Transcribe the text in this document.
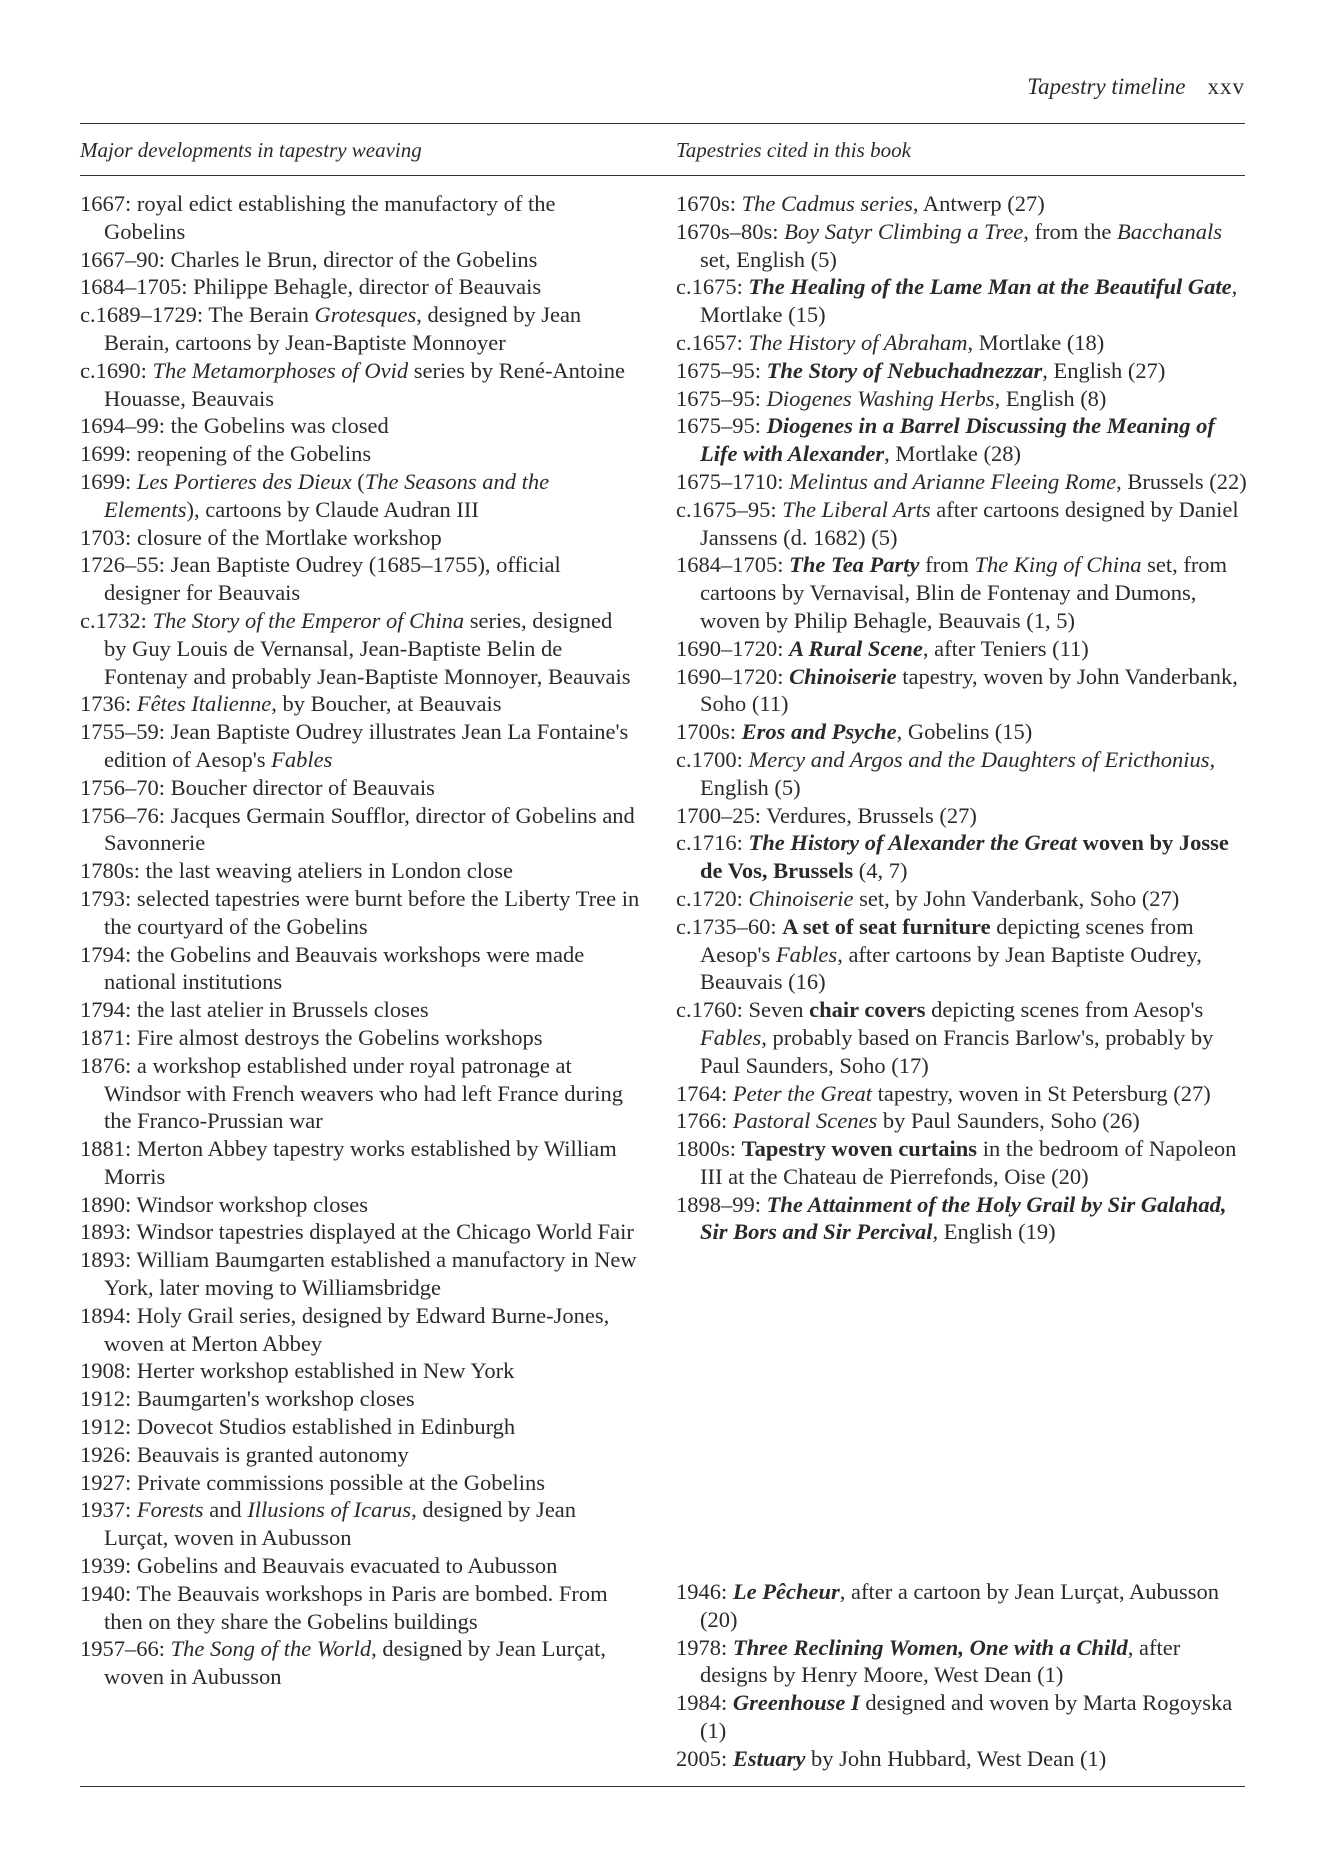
Tapestry timeline xxv
Major developments in tapestry weaving	Tapestries cited in this book

1667: royal edict establishing the manufactory of the Gobelins

1667–90: Charles le Brun, director of the Gobelins

1684–1705: Philippe Behagle, director of Beauvais

c.1689–1729: The Berain Grotesques, designed by Jean Berain, cartoons by Jean-Baptiste Monnoyer

c.1690: The Metamorphoses of Ovid series by René-Antoine Houasse, Beauvais

1694–99: the Gobelins was closed

1699: reopening of the Gobelins

1699: Les Portieres des Dieux (The Seasons and the Elements), cartoons by Claude Audran III

1703: closure of the Mortlake workshop

1726–55: Jean Baptiste Oudrey (1685–1755), official designer for Beauvais

c.1732: The Story of the Emperor of China series, designed by Guy Louis de Vernansal, Jean-Baptiste Belin de Fontenay and probably Jean-Baptiste Monnoyer, Beauvais

1736: Fêtes Italienne, by Boucher, at Beauvais

1755–59: Jean Baptiste Oudrey illustrates Jean La Fontaine's edition of Aesop's Fables

1756–70: Boucher director of Beauvais

1756–76: Jacques Germain Soufflor, director of Gobelins and Savonnerie

1780s: the last weaving ateliers in London close

1793: selected tapestries were burnt before the Liberty Tree in the courtyard of the Gobelins

1794: the Gobelins and Beauvais workshops were made national institutions

1794: the last atelier in Brussels closes

1871: Fire almost destroys the Gobelins workshops

1876: a workshop established under royal patronage at Windsor with French weavers who had left France during the Franco-Prussian war

1881: Merton Abbey tapestry works established by William Morris

1890: Windsor workshop closes

1893: Windsor tapestries displayed at the Chicago World Fair

1893: William Baumgarten established a manufactory in New York, later moving to Williamsbridge

1894: Holy Grail series, designed by Edward Burne-Jones, woven at Merton Abbey

1908: Herter workshop established in New York

1912: Baumgarten's workshop closes

1912: Dovecot Studios established in Edinburgh

1926: Beauvais is granted autonomy

1927: Private commissions possible at the Gobelins

1937: Forests and Illusions of Icarus, designed by Jean Lurçat, woven in Aubusson

1939: Gobelins and Beauvais evacuated to Aubusson

1940: The Beauvais workshops in Paris are bombed. From then on they share the Gobelins buildings

1957–66: The Song of the World, designed by Jean Lurçat, woven in Aubusson

1670s: The Cadmus series, Antwerp (27)

1670s–80s: Boy Satyr Climbing a Tree, from the Bacchanals set, English (5)

c.1675: The Healing of the Lame Man at the Beautiful Gate, Mortlake (15)

c.1657: The History of Abraham, Mortlake (18)

1675–95: The Story of Nebuchadnezzar, English (27)

1675–95: Diogenes Washing Herbs, English (8)

1675–95: Diogenes in a Barrel Discussing the Meaning of Life with Alexander, Mortlake (28)

1675–1710: Melintus and Arianne Fleeing Rome, Brussels (22)

c.1675–95: The Liberal Arts after cartoons designed by Daniel Janssens (d. 1682) (5)

1684–1705: The Tea Party from The King of China set, from cartoons by Vernavisal, Blin de Fontenay and Dumons, woven by Philip Behagle, Beauvais (1, 5)

1690–1720: A Rural Scene, after Teniers (11)

1690–1720: Chinoiserie tapestry, woven by John Vanderbank, Soho (11)

1700s: Eros and Psyche, Gobelins (15)

c.1700: Mercy and Argos and the Daughters of Ericthonius, English (5)

1700–25: Verdures, Brussels (27)

c.1716: The History of Alexander the Great woven by Josse de Vos, Brussels (4, 7)

c.1720: Chinoiserie set, by John Vanderbank, Soho (27)

c.1735–60: A set of seat furniture depicting scenes from Aesop's Fables, after cartoons by Jean Baptiste Oudrey, Beauvais (16)

c.1760: Seven chair covers depicting scenes from Aesop's Fables, probably based on Francis Barlow's, probably by Paul Saunders, Soho (17)

1764: Peter the Great tapestry, woven in St Petersburg (27)

1766: Pastoral Scenes by Paul Saunders, Soho (26)

1800s: Tapestry woven curtains in the bedroom of Napoleon III at the Chateau de Pierrefonds, Oise (20)

1898–99: The Attainment of the Holy Grail by Sir Galahad, Sir Bors and Sir Percival, English (19)

1946: Le Pêcheur, after a cartoon by Jean Lurçat, Aubusson (20)

1978: Three Reclining Women, One with a Child, after designs by Henry Moore, West Dean (1)

1984: Greenhouse I designed and woven by Marta Rogoyska (1)

2005: Estuary by John Hubbard, West Dean (1)
